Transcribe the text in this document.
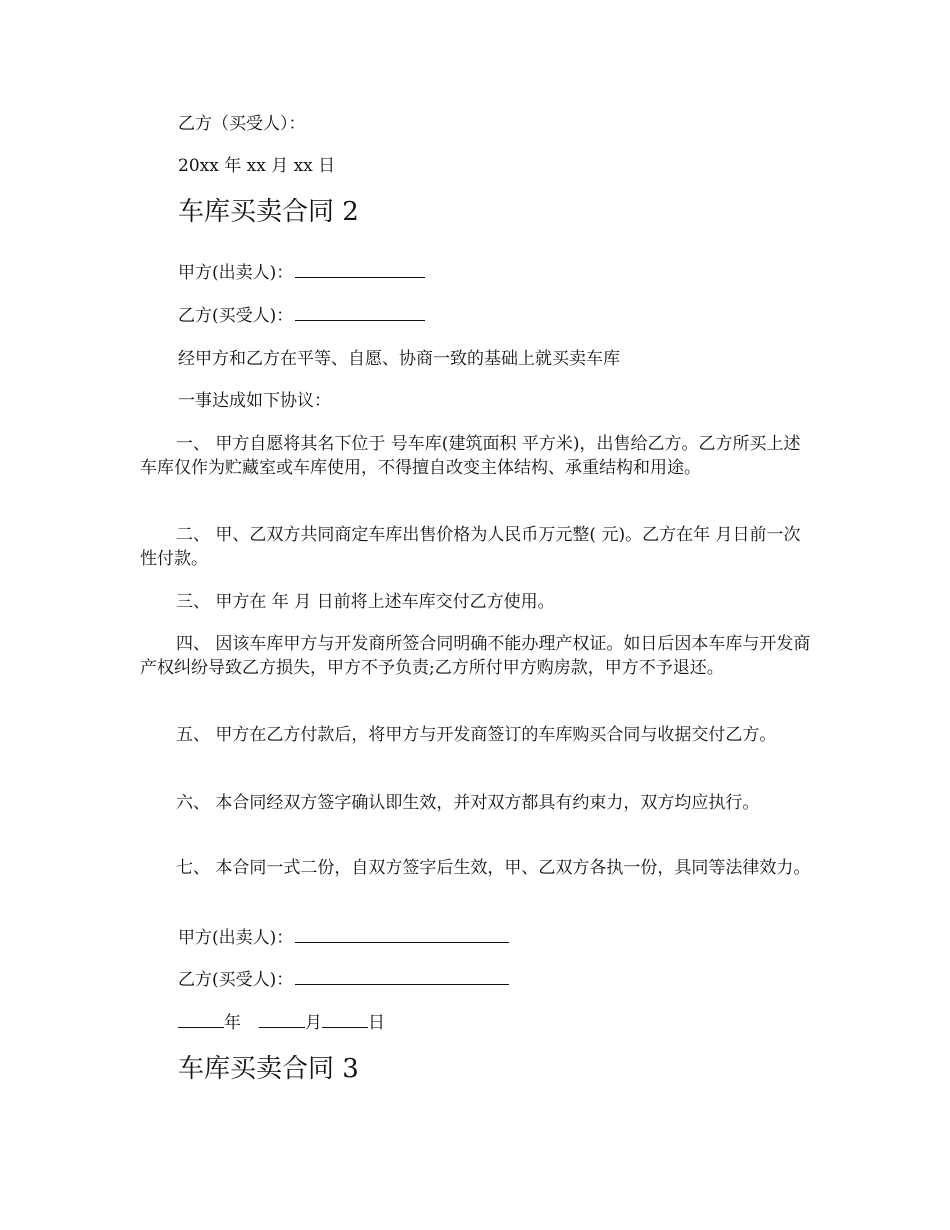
乙方（买受人）：
20xx 年 xx 月 xx 日
车库买卖合同 2
甲方(出卖人)：
乙方(买受人)：
经甲方和乙方在平等、自愿、协商一致的基础上就买卖车库
一事达成如下协议：
一、 甲方自愿将其名下位于 号车库(建筑面积 平方米)，出售给乙方。乙方所买上述车库仅作为贮藏室或车库使用，不得擅自改变主体结构、承重结构和用途。
二、 甲、乙双方共同商定车库出售价格为人民币万元整( 元)。乙方在年 月日前一次性付款。
三、 甲方在 年 月 日前将上述车库交付乙方使用。
四、 因该车库甲方与开发商所签合同明确不能办理产权证。如日后因本车库与开发商产权纠纷导致乙方损失，甲方不予负责;乙方所付甲方购房款，甲方不予退还。
五、 甲方在乙方付款后，将甲方与开发商签订的车库购买合同与收据交付乙方。
六、 本合同经双方签字确认即生效，并对双方都具有约束力，双方均应执行。
七、 本合同一式二份，自双方签字后生效，甲、乙双方各执一份，具同等法律效力。
甲方(出卖人)：
乙方(买受人)：
年	月	日
车库买卖合同 3
